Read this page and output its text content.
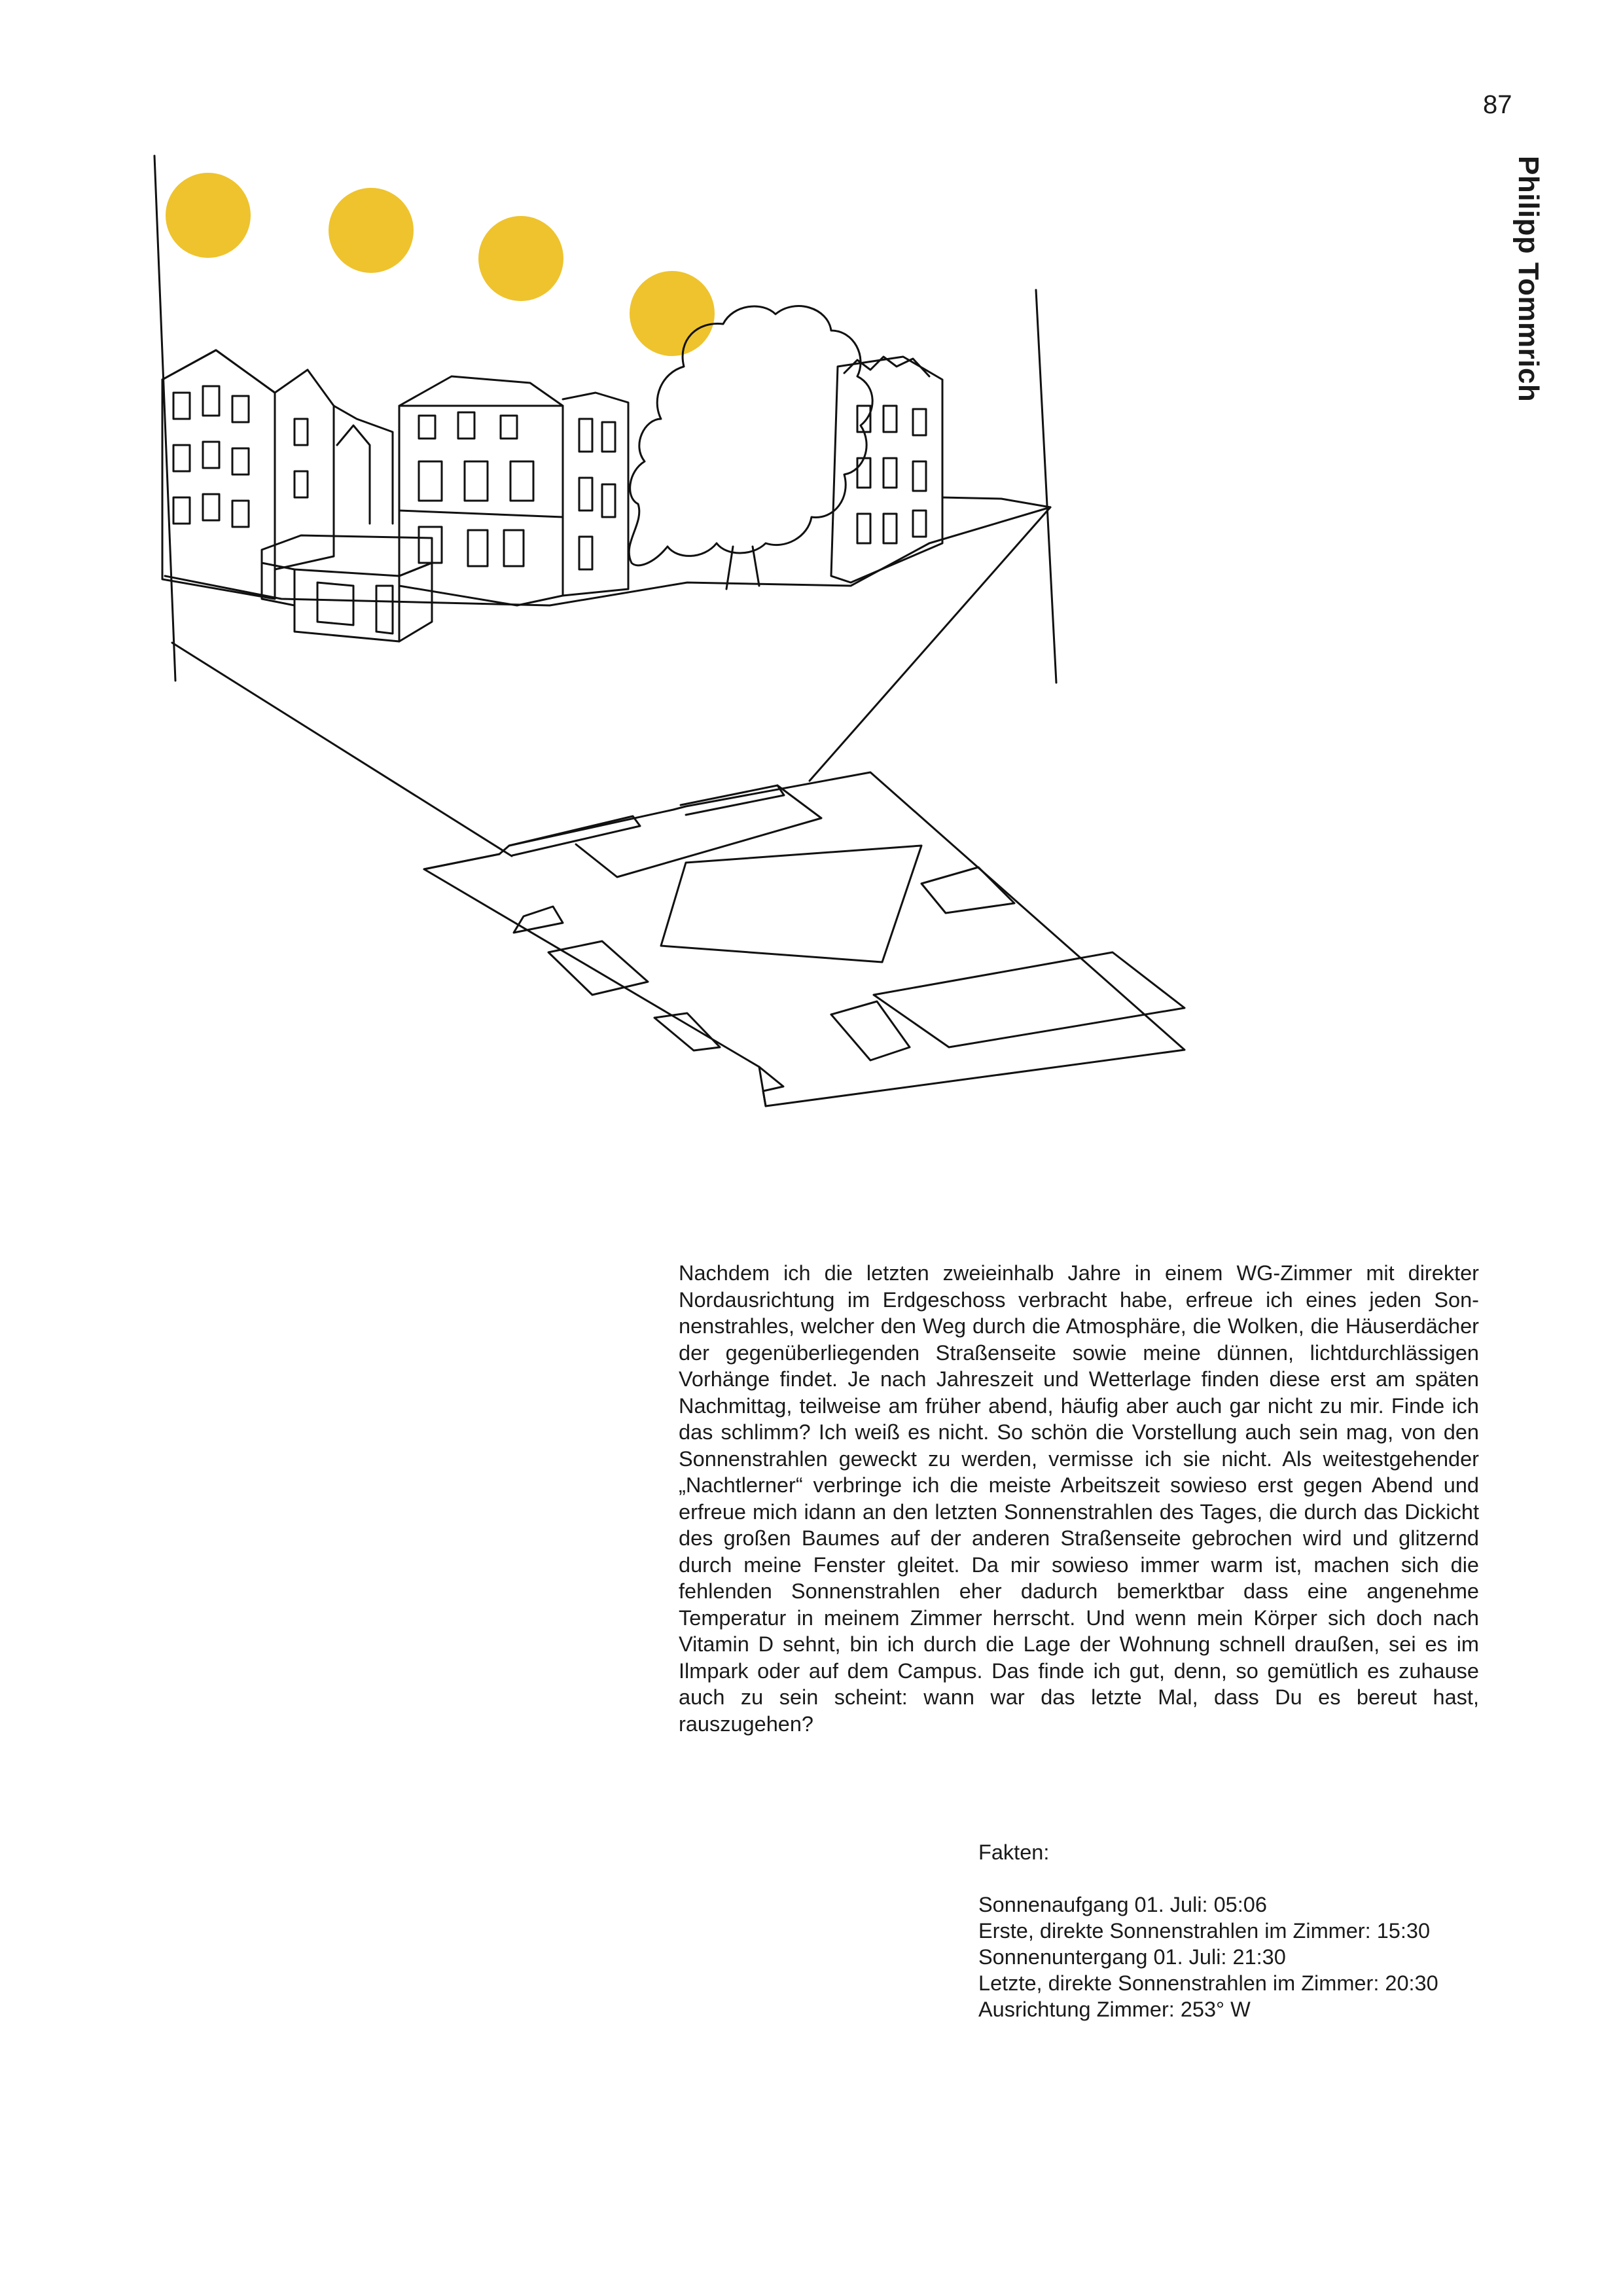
87
Philipp Tommrich

Nachdem ich die letzten zweieinhalb Jahre in einem WG-Zimmer mit direkter Nordausrichtung im Erdgeschoss verbracht habe, erfreue ich eines jeden Sonnenstrahles, welcher den Weg durch die Atmosphäre, die Wolken, die Häuserdächer der gegenüberliegenden Straßenseite sowie meine dünnen, lichtdurchlässigen Vorhänge findet. Je nach Jahreszeit und Wetterlage finden diese erst am späten Nachmittag, teilweise am früher abend, häufig aber auch gar nicht zu mir. Finde ich das schlimm? Ich weiß es nicht. So schön die Vorstellung auch sein mag, von den Sonnenstrahlen geweckt zu werden, vermisse ich sie nicht. Als weitestgehender „Nachtlerner“ verbringe ich die meiste Arbeitszeit sowieso erst gegen Abend und erfreue mich idann an den letzten Sonnenstrahlen des Tages, die durch das Dickicht des großen Baumes auf der anderen Straßenseite gebrochen wird und glitzernd durch meine Fenster gleitet. Da mir sowieso immer warm ist, machen sich die fehlenden Sonnenstrahlen eher dadurch bemerktbar dass eine angenehme Temperatur in meinem Zimmer herrscht. Und wenn mein Körper sich doch nach Vitamin D sehnt, bin ich durch die Lage der Wohnung schnell draußen, sei es im Ilmpark oder auf dem Campus. Das finde ich gut, denn, so gemütlich es zuhause auch zu sein scheint: wann war das letzte Mal, dass Du es bereut hast, rauszugehen?

Fakten:
Sonnenaufgang 01. Juli: 05:06
Erste, direkte Sonnenstrahlen im Zimmer: 15:30
Sonnenuntergang 01. Juli: 21:30
Letzte, direkte Sonnenstrahlen im Zimmer: 20:30
Ausrichtung Zimmer: 253° W
